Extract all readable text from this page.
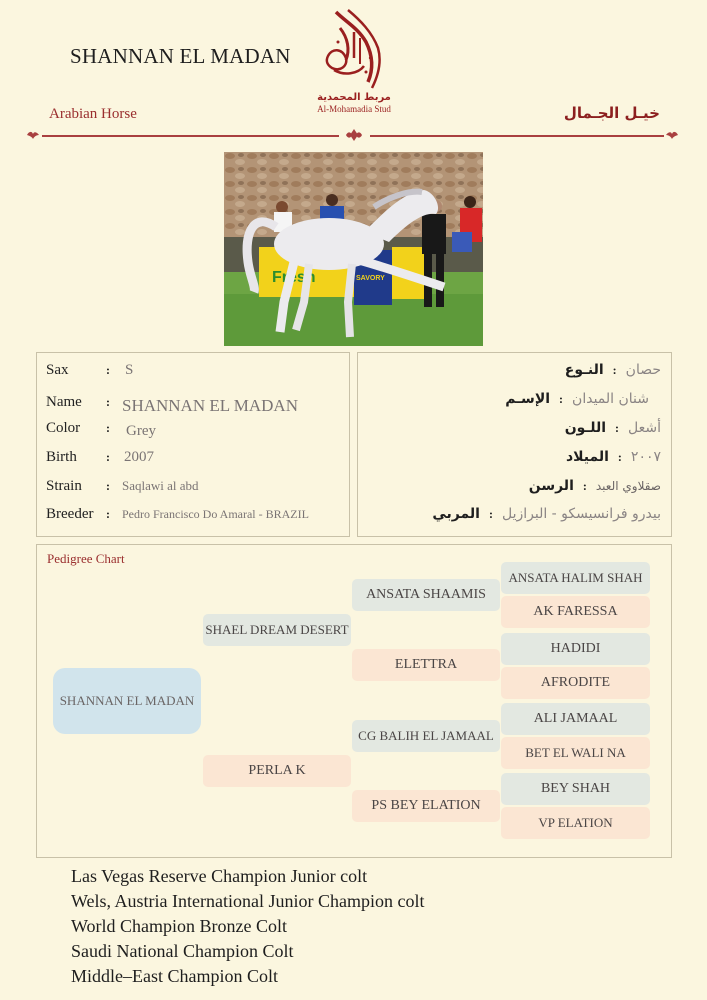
SHANNAN EL MADAN
مربط المحمدية
Al-Mohamadia Stud
Arabian Horse	خيـل الجـمال
Fresh	SAVORY
Sax	:	S
Name	: SHANNAN EL MADAN
Color	:	Grey
Birth	: 2007
Strain	: Saqlawi al abd
Breeder	:	Pedro Francisco Do Amaral - BRAZIL
النـوع : حصان
الإسـم : شنان الميدان
اللـون : أشعل
الميلاد : ٢٠٠٧
الرسن : صقلاوي العبد
المربي : بيدرو فرانسيسكو - البرازيل
Pedigree Chart
SHANNAN EL MADAN
SHAEL DREAM DESERT
PERLA K
ANSATA SHAAMIS
ELETTRA
CG BALIH EL JAMAAL
PS BEY ELATION
ANSATA HALIM SHAH
AK FARESSA
HADIDI
AFRODITE
ALI JAMAAL
BET EL WALI NA
BEY SHAH
VP ELATION
Las Vegas Reserve Champion Junior colt
Wels, Austria International Junior Champion colt
World Champion Bronze Colt
Saudi National Champion Colt
Middle–East Champion Colt
